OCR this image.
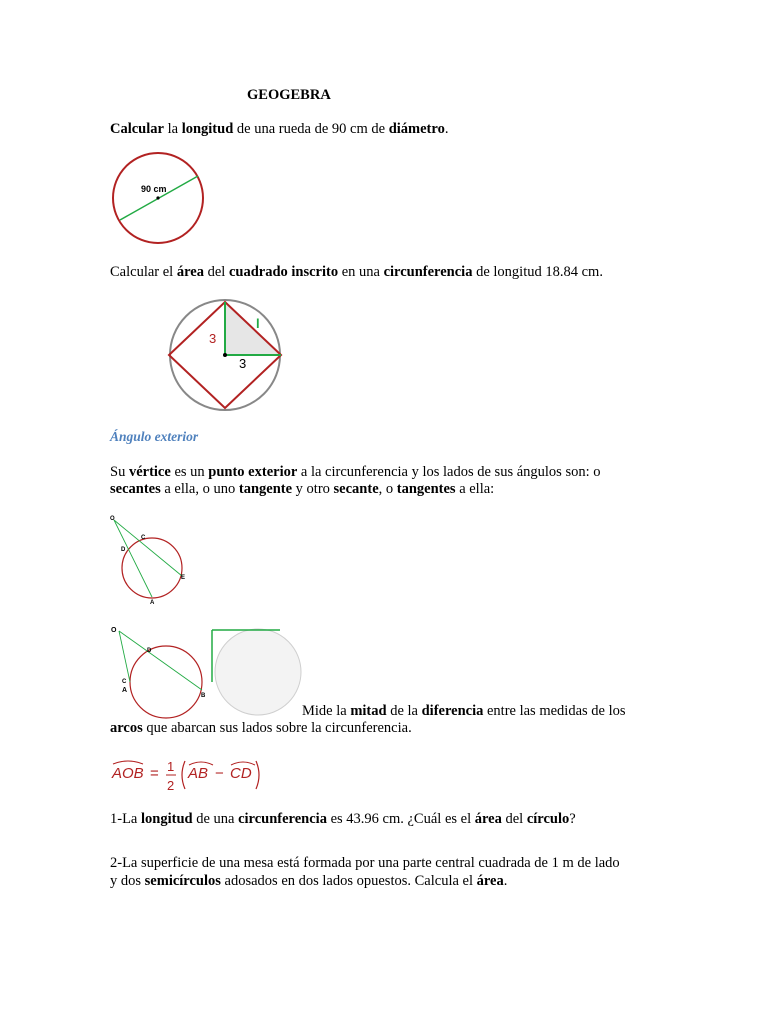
GEOGEBRA
Calcular la longitud de una rueda de 90 cm de diámetro.
90 cm
Calcular el área del cuadrado inscrito en una circunferencia de longitud 18.84 cm.
3
3
l
Ángulo exterior
Su vértice es un punto exterior a la circunferencia y los lados de sus ángulos son: o
secantes a ella, o uno tangente y otro secante, o tangentes a ella:
O
C
D
E
A
O
D
C
A
B
Mide la mitad de la diferencia entre las medidas de los
arcos que abarcan sus lados sobre la circunferencia.
AOB = 1
2
AB − CD
1-La longitud de una circunferencia es 43.96 cm. ¿Cuál es el área del círculo?
2-La superficie de una mesa está formada por una parte central cuadrada de 1 m de lado
y dos semicírculos adosados en dos lados opuestos. Calcula el área.
